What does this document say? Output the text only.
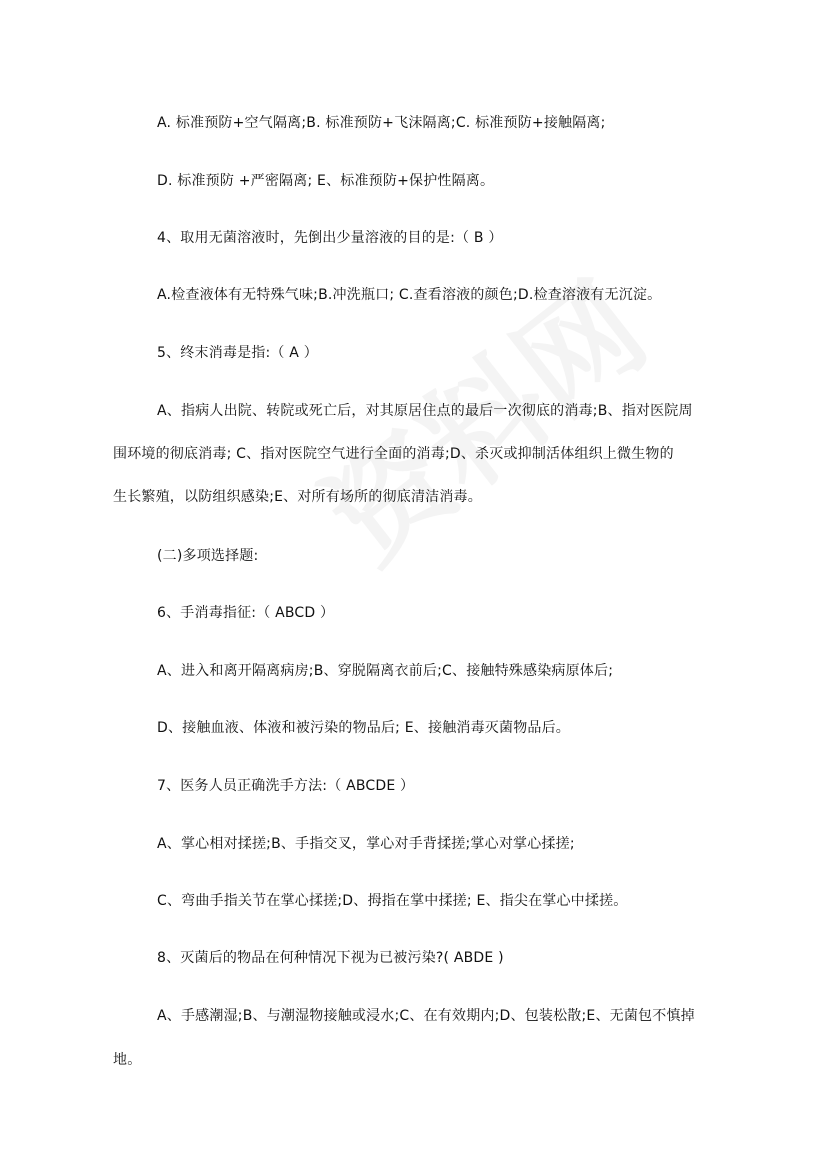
A. 标准预防+空气隔离;B. 标准预防+飞沫隔离;C. 标准预防+接触隔离;
D. 标准预防 +严密隔离; E、标准预防+保护性隔离。
4、取用无菌溶液时，先倒出少量溶液的目的是:（ B ）
A.检查液体有无特殊气味;B.冲洗瓶口; C.查看溶液的颜色;D.检查溶液有无沉淀。
5、终末消毒是指:（ A ）
A、指病人出院、转院或死亡后，对其原居住点的最后一次彻底的消毒;B、指对医院周
围环境的彻底消毒; C、指对医院空气进行全面的消毒;D、杀灭或抑制活体组织上微生物的
生长繁殖，以防组织感染;E、对所有场所的彻底清洁消毒。
(二)多项选择题:
6、手消毒指征:（ ABCD ）
A、进入和离开隔离病房;B、穿脱隔离衣前后;C、接触特殊感染病原体后;
D、接触血液、体液和被污染的物品后; E、接触消毒灭菌物品后。
7、医务人员正确洗手方法:（ ABCDE ）
A、掌心相对揉搓;B、手指交叉，掌心对手背揉搓;掌心对掌心揉搓;
C、弯曲手指关节在掌心揉搓;D、拇指在掌中揉搓; E、指尖在掌心中揉搓。
8、灭菌后的物品在何种情况下视为已被污染?( ABDE )
A、手感潮湿;B、与潮湿物接触或浸水;C、在有效期内;D、包装松散;E、无菌包不慎掉
地。
